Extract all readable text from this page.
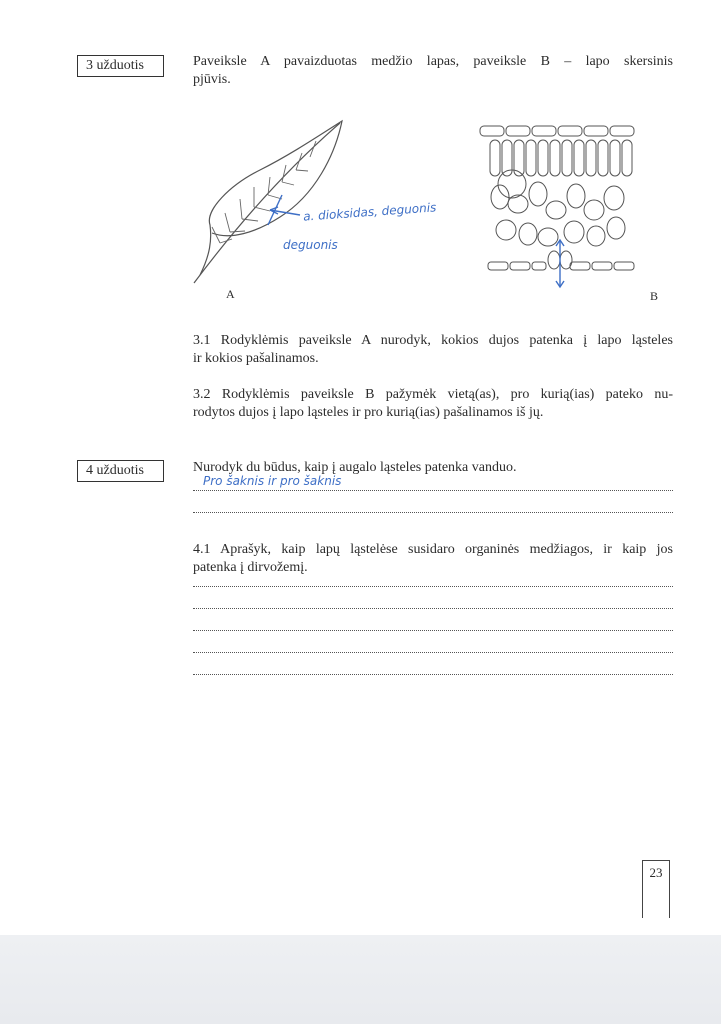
3 užduotis	Paveiksle A pavaizduotas medžio lapas, paveiksle B – lapo skersinis
pjūvis.
a. dioksidas, deguonis
deguonis
A	B
3.1 Rodyklėmis paveiksle A nurodyk, kokios dujos patenka į lapo ląsteles
ir kokios pašalinamos.
3.2 Rodyklėmis paveiksle B pažymėk vietą(as), pro kurią(ias) pateko nu-
rodytos dujos į lapo ląsteles ir pro kurią(ias) pašalinamos iš jų.
4 užduotis	Nurodyk du būdus, kaip į augalo ląsteles patenka vanduo.
Pro šaknis ir pro šaknis
4.1 Aprašyk, kaip lapų ląstelėse susidaro organinės medžiagos, ir kaip jos
patenka į dirvožemį.
23
